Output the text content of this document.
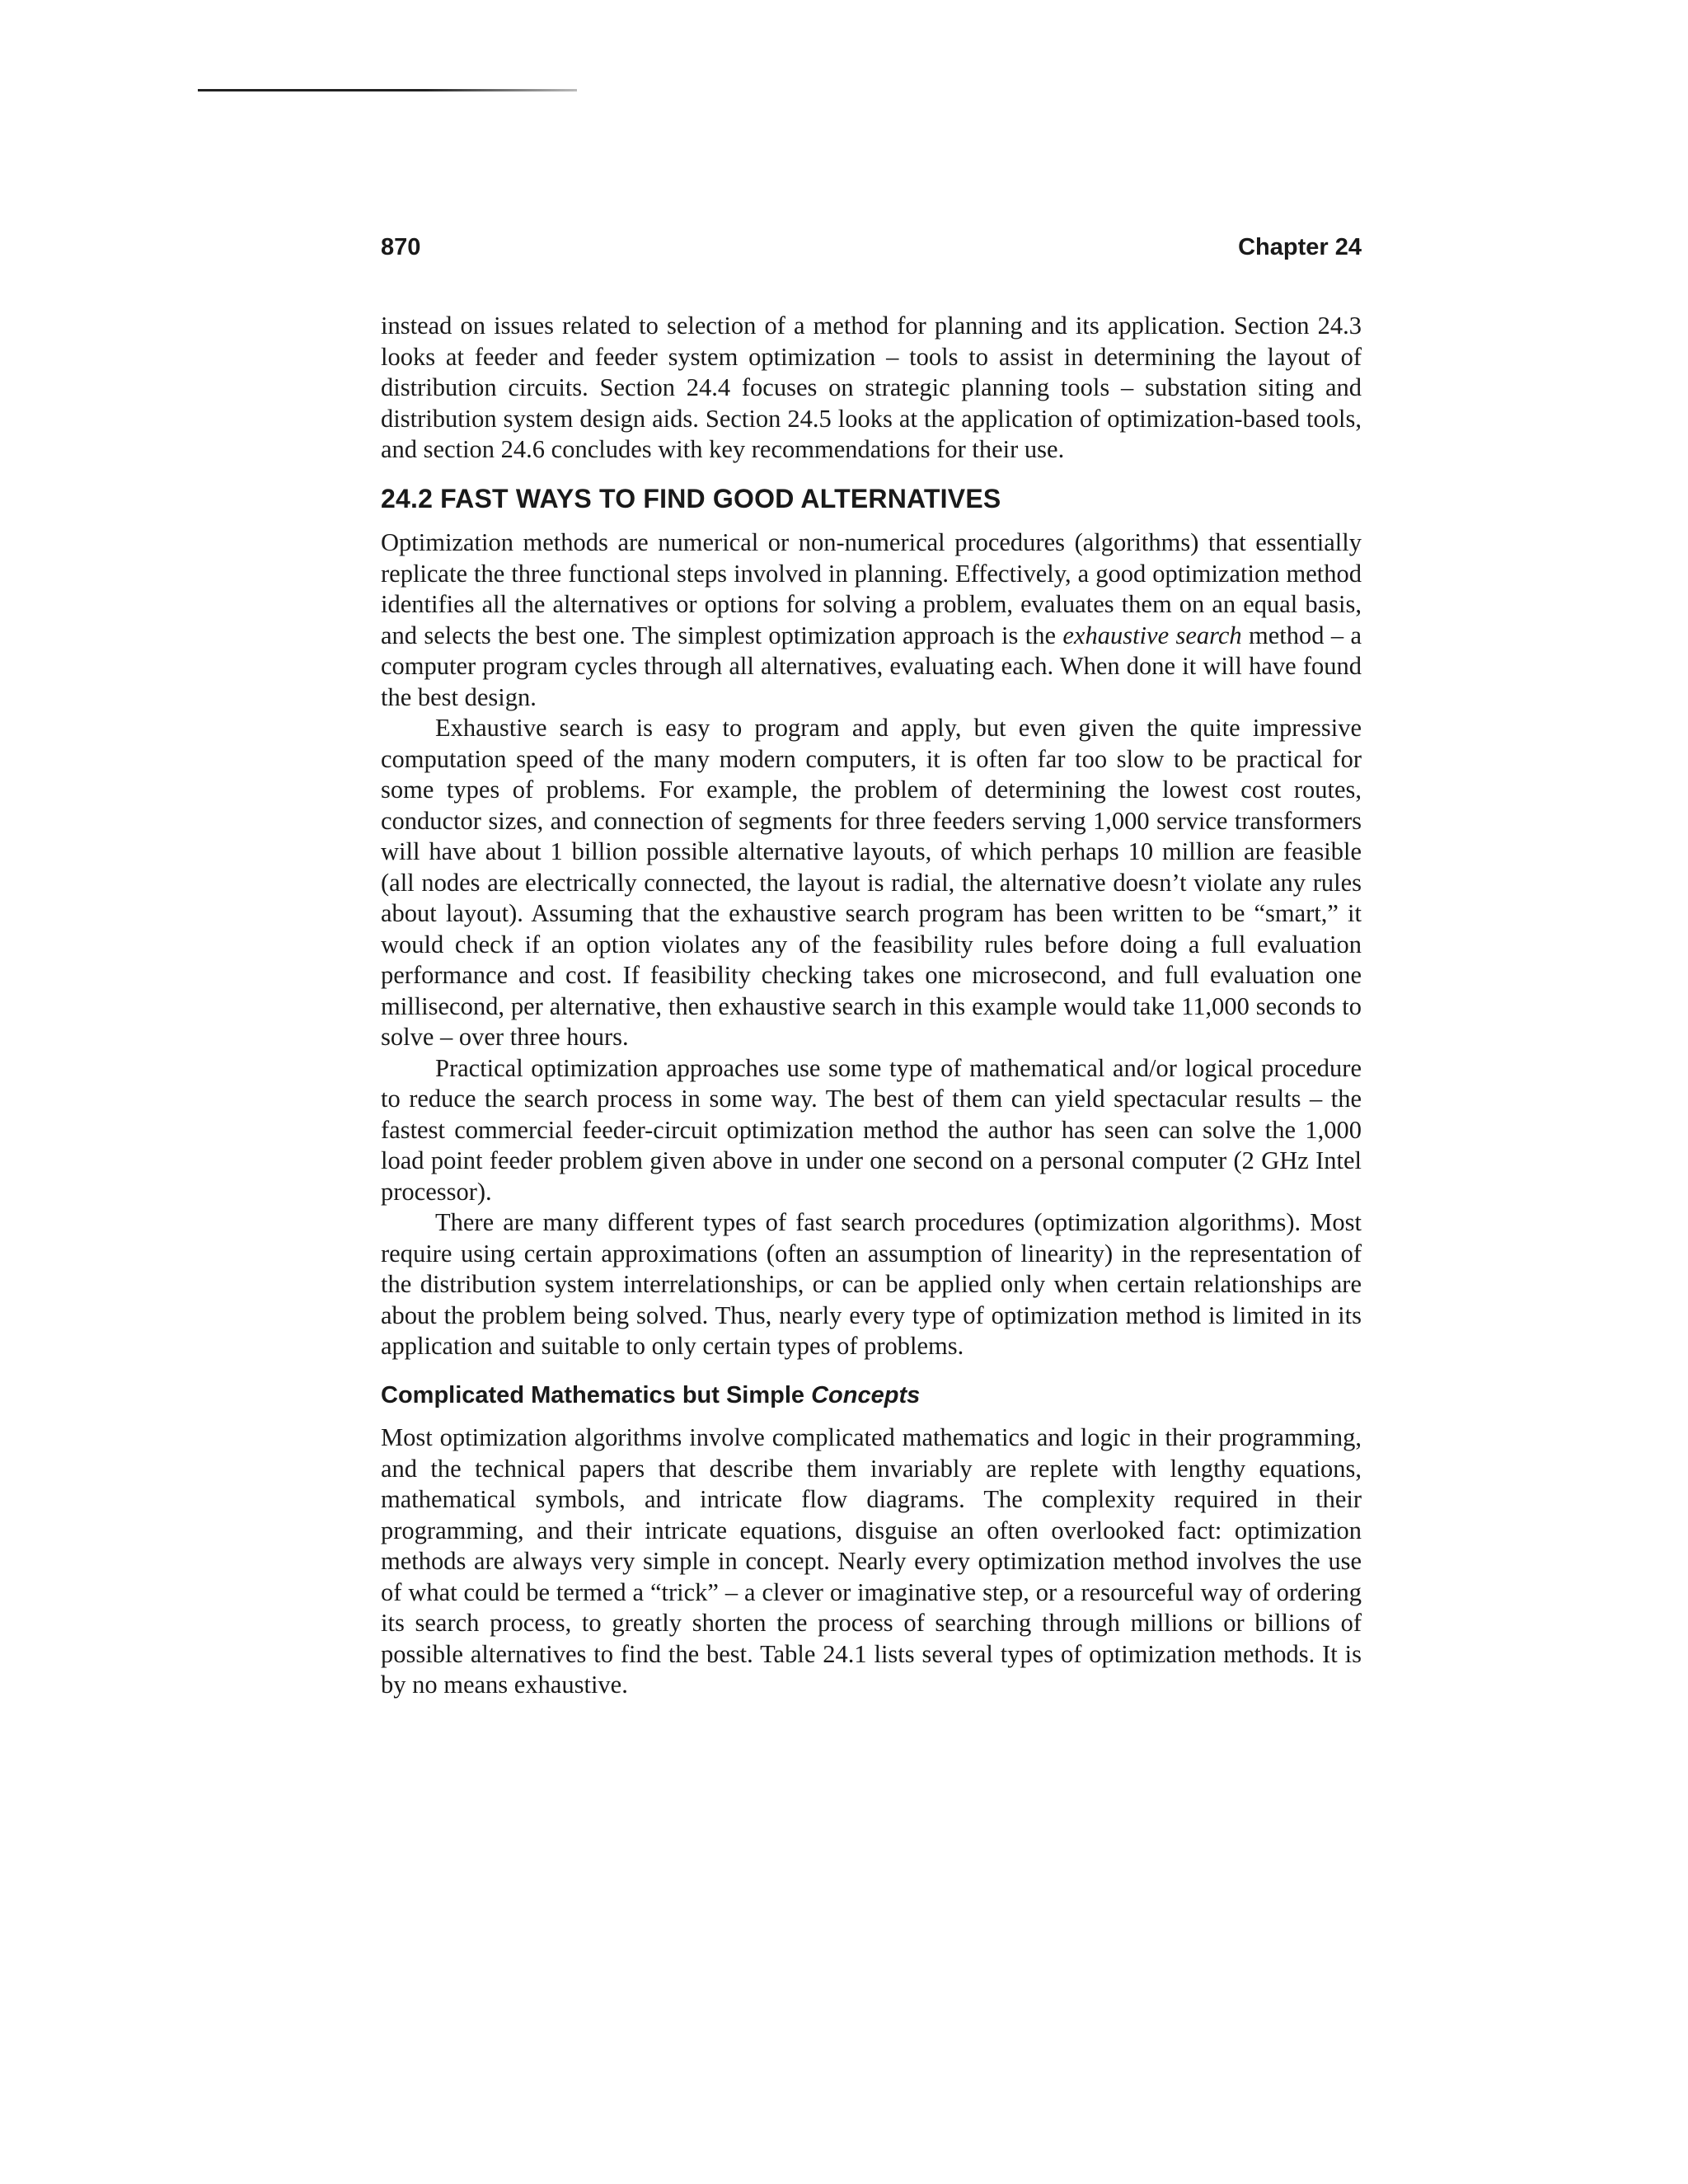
870	Chapter 24

instead on issues related to selection of a method for planning and its application. Section 24.3 looks at feeder and feeder system optimization – tools to assist in determining the layout of distribution circuits. Section 24.4 focuses on strategic planning tools – substation siting and distribution system design aids. Section 24.5 looks at the application of optimization-based tools, and section 24.6 concludes with key recommendations for their use.

24.2 FAST WAYS TO FIND GOOD ALTERNATIVES

Optimization methods are numerical or non-numerical procedures (algorithms) that essentially replicate the three functional steps involved in planning. Effectively, a good optimization method identifies all the alternatives or options for solving a problem, evaluates them on an equal basis, and selects the best one. The simplest optimization approach is the exhaustive search method – a computer program cycles through all alternatives, evaluating each. When done it will have found the best design.

Exhaustive search is easy to program and apply, but even given the quite impressive computation speed of the many modern computers, it is often far too slow to be practical for some types of problems. For example, the problem of determining the lowest cost routes, conductor sizes, and connection of segments for three feeders serving 1,000 service transformers will have about 1 billion possible alternative layouts, of which perhaps 10 million are feasible (all nodes are electrically connected, the layout is radial, the alternative doesn’t violate any rules about layout). Assuming that the exhaustive search program has been written to be “smart,” it would check if an option violates any of the feasibility rules before doing a full evaluation performance and cost. If feasibility checking takes one microsecond, and full evaluation one millisecond, per alternative, then exhaustive search in this example would take 11,000 seconds to solve – over three hours.

Practical optimization approaches use some type of mathematical and/or logical procedure to reduce the search process in some way. The best of them can yield spectacular results – the fastest commercial feeder-circuit optimization method the author has seen can solve the 1,000 load point feeder problem given above in under one second on a personal computer (2 GHz Intel processor).

There are many different types of fast search procedures (optimization algorithms). Most require using certain approximations (often an assumption of linearity) in the representation of the distribution system interrelationships, or can be applied only when certain relationships are about the problem being solved. Thus, nearly every type of optimization method is limited in its application and suitable to only certain types of problems.

Complicated Mathematics but Simple Concepts

Most optimization algorithms involve complicated mathematics and logic in their programming, and the technical papers that describe them invariably are replete with lengthy equations, mathematical symbols, and intricate flow diagrams. The complexity required in their programming, and their intricate equations, disguise an often overlooked fact: optimization methods are always very simple in concept. Nearly every optimization method involves the use of what could be termed a “trick” – a clever or imaginative step, or a resourceful way of ordering its search process, to greatly shorten the process of searching through millions or billions of possible alternatives to find the best. Table 24.1 lists several types of optimization methods. It is by no means exhaustive.
